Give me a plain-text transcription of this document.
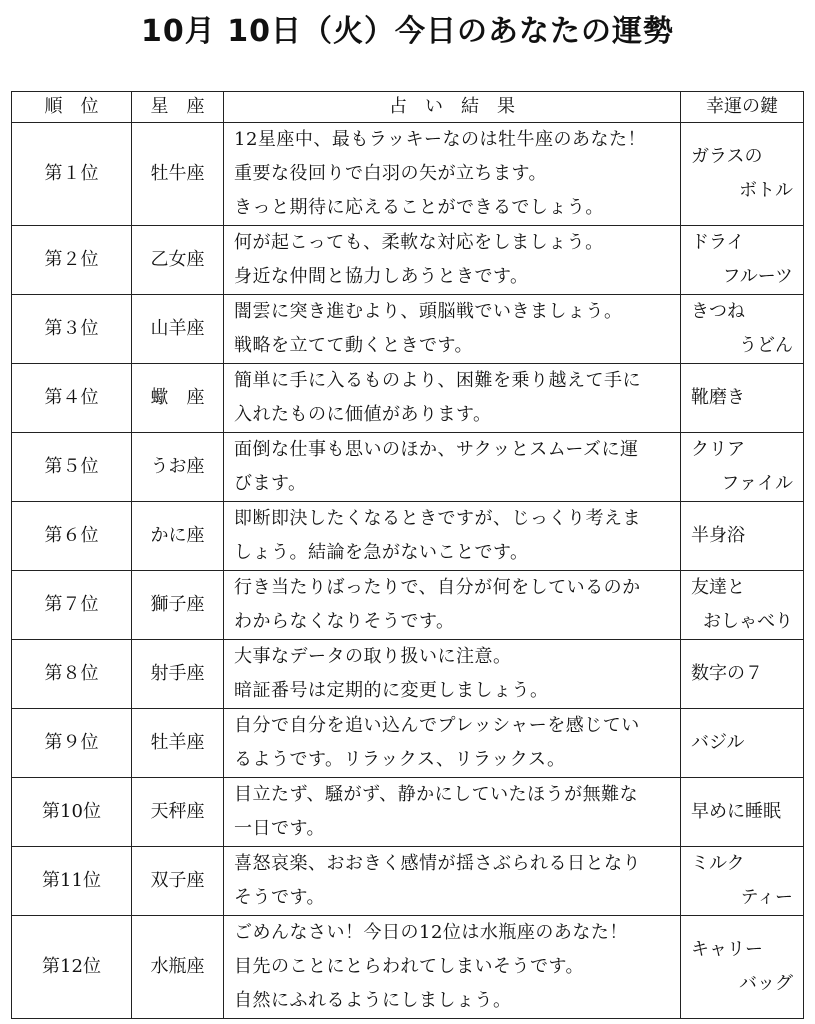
10月 10日（火）今日のあなたの運勢
順　位	星　座	占　い　結　果	幸運の鍵
第１位	牡牛座	12星座中、最もラッキーなのは牡牛座のあなた！
重要な役回りで白羽の矢が立ちます。
きっと期待に応えることができるでしょう。	ガラスの
ボトル

第２位	乙女座	何が起こっても、柔軟な対応をしましょう。
身近な仲間と協力しあうときです。	ドライ
フルーツ

第３位	山羊座	闇雲に突き進むより、頭脳戦でいきましょう。
戦略を立てて動くときです。	きつね
うどん

第４位	蠍　座	簡単に手に入るものより、困難を乗り越えて手に
入れたものに価値があります。	靴磨き

第５位	うお座	面倒な仕事も思いのほか、サクッとスムーズに運
びます。	クリア
ファイル

第６位	かに座	即断即決したくなるときですが、じっくり考えま
しょう。結論を急がないことです。	半身浴

第７位	獅子座	行き当たりばったりで、自分が何をしているのか
わからなくなりそうです。	友達と
おしゃべり

第８位	射手座	大事なデータの取り扱いに注意。
暗証番号は定期的に変更しましょう。	数字の７

第９位	牡羊座	自分で自分を追い込んでプレッシャーを感じてい
るようです。リラックス、リラックス。	バジル

第10位	天秤座	目立たず、騒がず、静かにしていたほうが無難な
一日です。	早めに睡眠

第11位	双子座	喜怒哀楽、おおきく感情が揺さぶられる日となり
そうです。	ミルク
ティー

第12位	水瓶座	ごめんなさい！今日の12位は水瓶座のあなた！
目先のことにとらわれてしまいそうです。
自然にふれるようにしましょう。	キャリー
バッグ
